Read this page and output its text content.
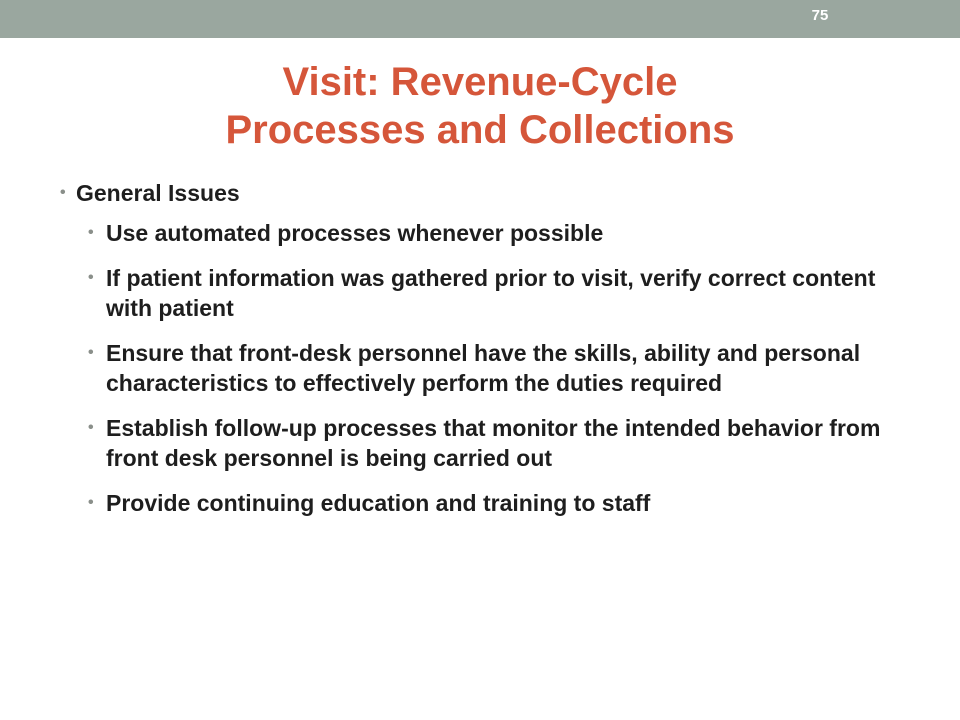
75
Visit: Revenue-Cycle
Processes and Collections
• General Issues
• Use automated processes whenever possible
• If patient information was gathered prior to visit, verify correct content with patient
• Ensure that front-desk personnel have the skills, ability and personal characteristics to effectively perform the duties required
• Establish follow-up processes that monitor the intended behavior from front desk personnel is being carried out
• Provide continuing education and training to staff
